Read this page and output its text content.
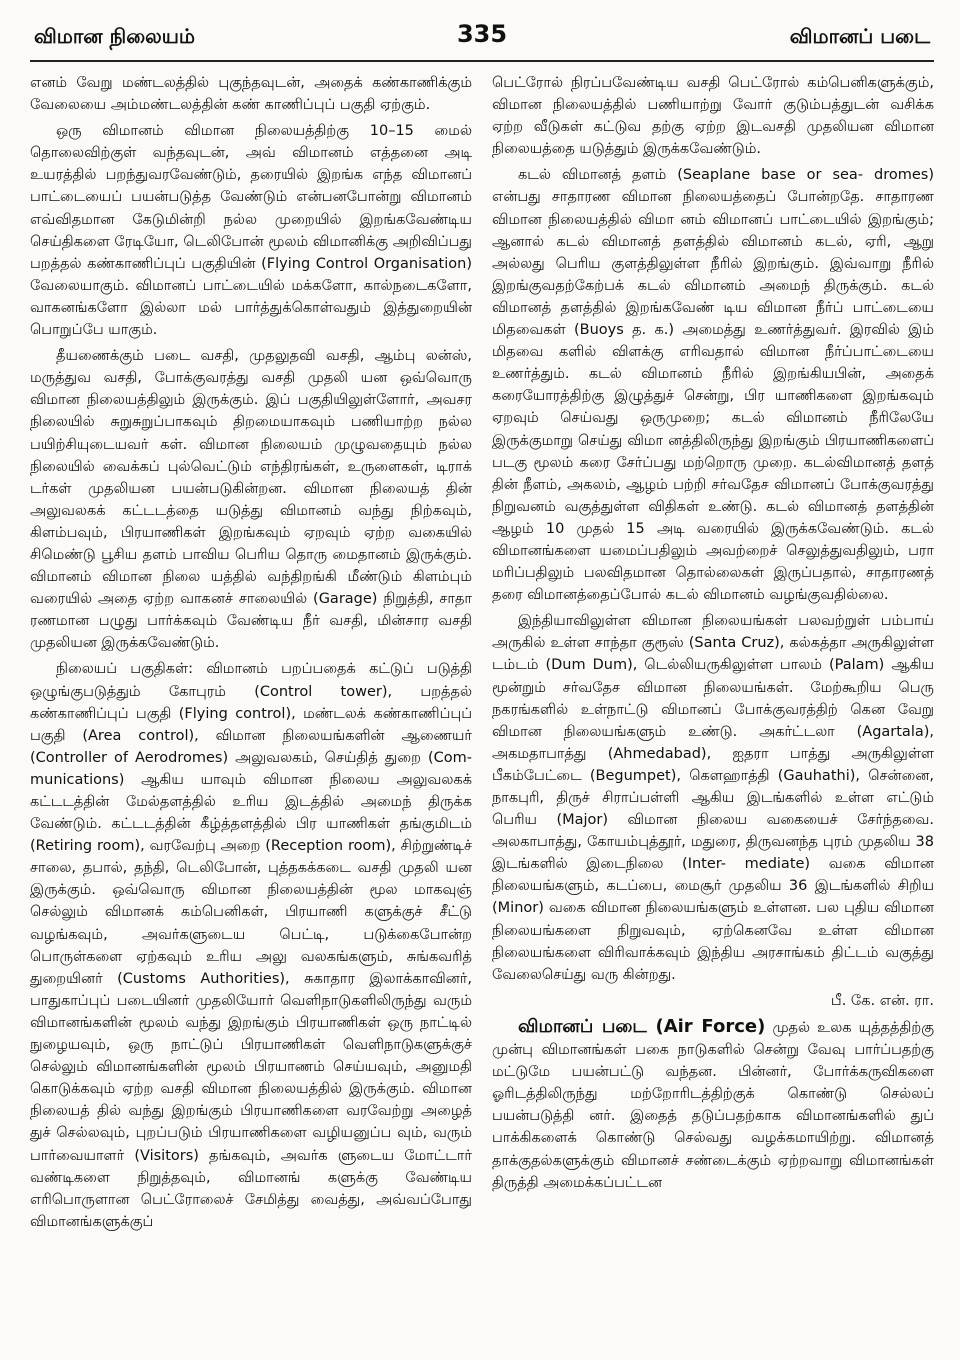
விமான நிலையம்	335	விமானப் படை

எனம் வேறு மண்டலத்தில் புகுந்தவுடன், அதைக் கண்காணிக்கும் வேலையை அம்மண்டலத்தின் கண் காணிப்புப் பகுதி ஏற்கும்.

ஒரு விமானம் விமான நிலையத்திற்கு 10–15 மைல் தொலைவிற்குள் வந்தவுடன், அவ் விமானம் எத்தனை அடி உயரத்தில் பறந்துவரவேண்டும், தரையில் இறங்க எந்த விமானப் பாட்டையைப் பயன்படுத்த வேண்டும் என்பனபோன்று விமானம் எவ்விதமான கேடுமின்றி நல்ல முறையில் இறங்கவேண்டிய செய்திகளை ரேடியோ, டெலிபோன் மூலம் விமானிக்கு அறிவிப்பது பறத்தல் கண்காணிப்புப் பகுதியின் (Flying Control Organisation) வேலையாகும். விமானப் பாட்டையில் மக்களோ, கால்நடைகளோ, வாகனங்களோ இல்லா மல் பார்த்துக்கொள்வதும் இத்துறையின் பொறுப்பே யாகும்.

தீயணைக்கும் படை வசதி, முதலுதவி வசதி, ஆம்பு லன்ஸ், மருத்துவ வசதி, போக்குவரத்து வசதி முதலி யன ஒவ்வொரு விமான நிலையத்திலும் இருக்கும். இப் பகுதியிலுள்ளோர், அவசர நிலையில் சுறுசுறுப்பாகவும் திறமையாகவும் பணியாற்ற நல்ல பயிற்சியுடையவர் கள். விமான நிலையம் முழுவதையும் நல்ல நிலையில் வைக்கப் புல்வெட்டும் எந்திரங்கள், உருளைகள், டிராக் டர்கள் முதலியன பயன்படுகின்றன. விமான நிலையத் தின் அலுவலகக் கட்டடத்தை யடுத்து விமானம் வந்து நிற்கவும், கிளம்பவும், பிரயாணிகள் இறங்கவும் ஏறவும் ஏற்ற வகையில் சிமெண்டு பூசிய தளம் பாவிய பெரிய தொரு மைதானம் இருக்கும். விமானம் விமான நிலை யத்தில் வந்திறங்கி மீண்டும் கிளம்பும் வரையில் அதை ஏற்ற வாகனச் சாலையில் (Garage) நிறுத்தி, சாதா ரணமான பழுது பார்க்கவும் வேண்டிய நீர் வசதி, மின்சார வசதி முதலியன இருக்கவேண்டும்.

நிலையப் பகுதிகள்: விமானம் பறப்பதைக் கட்டுப் படுத்தி ஒழுங்குபடுத்தும் கோபுரம் (Control tower), பறத்தல் கண்காணிப்புப் பகுதி (Flying control), மண்டலக் கண்காணிப்புப் பகுதி (Area control), விமான நிலையங்களின் ஆணையர் (Controller of Aerodromes) அலுவலகம், செய்தித் துறை (Com- munications) ஆகிய யாவும் விமான நிலைய அலுவலகக் கட்டடத்தின் மேல்தளத்தில் உரிய இடத்தில் அமைந் திருக்க வேண்டும். கட்டடத்தின் கீழ்த்தளத்தில் பிர யாணிகள் தங்குமிடம் (Retiring room), வரவேற்பு அறை (Reception room), சிற்றுண்டிச் சாலை, தபால், தந்தி, டெலிபோன், புத்தகக்கடை வசதி முதலி யன இருக்கும். ஒவ்வொரு விமான நிலையத்தின் மூல மாகவுஞ் செல்லும் விமானக் கம்பெனிகள், பிரயாணி களுக்குச் சீட்டு வழங்கவும், அவர்களுடைய பெட்டி, படுக்கைபோன்ற பொருள்களை ஏற்கவும் உரிய அலு வலகங்களும், சுங்கவரித் துறையினர் (Customs Authorities), சுகாதார இலாக்காவினர், பாதுகாப்புப் படையினர் முதலியோர் வெளிநாடுகளிலிருந்து வரும் விமானங்களின் மூலம் வந்து இறங்கும் பிரயாணிகள் ஒரு நாட்டில் நுழையவும், ஒரு நாட்டுப் பிரயாணிகள் வெளிநாடுகளுக்குச் செல்லும் விமானங்களின் மூலம் பிரயாணம் செய்யவும், அனுமதி கொடுக்கவும் ஏற்ற வசதி விமான நிலையத்தில் இருக்கும். விமான நிலையத் தில் வந்து இறங்கும் பிரயாணிகளை வரவேற்று அழைத் துச் செல்லவும், புறப்படும் பிரயாணிகளை வழியனுப்ப வும், வரும் பார்வையாளர் (Visitors) தங்கவும், அவர்க ளுடைய மோட்டார் வண்டிகளை நிறுத்தவும், விமானங் களுக்கு வேண்டிய எரிபொருளான பெட்ரோலைச் சேமித்து வைத்து, அவ்வப்போது விமானங்களுக்குப்

பெட்ரோல் நிரப்பவேண்டிய வசதி பெட்ரோல் கம்பெனிகளுக்கும், விமான நிலையத்தில் பணியாற்று வோர் குடும்பத்துடன் வசிக்க ஏற்ற வீடுகள் கட்டுவ தற்கு ஏற்ற இடவசதி முதலியன விமான நிலையத்தை யடுத்தும் இருக்கவேண்டும்.

கடல் விமானத் தளம் (Seaplane base or sea- dromes) என்பது சாதாரண விமான நிலையத்தைப் போன்றதே. சாதாரண விமான நிலையத்தில் விமா னம் விமானப் பாட்டையில் இறங்கும்; ஆனால் கடல் விமானத் தளத்தில் விமானம் கடல், ஏரி, ஆறு அல்லது பெரிய குளத்திலுள்ள நீரில் இறங்கும். இவ்வாறு நீரில் இறங்குவதற்கேற்பக் கடல் விமானம் அமைந் திருக்கும். கடல் விமானத் தளத்தில் இறங்கவேண் டிய விமான நீர்ப் பாட்டையை மிதவைகள் (Buoys த. க.) அமைத்து உணர்த்துவர். இரவில் இம் மிதவை களில் விளக்கு எரிவதால் விமான நீர்ப்பாட்டையை உணர்த்தும். கடல் விமானம் நீரில் இறங்கியபின், அதைக் கரையோரத்திற்கு இழுத்துச் சென்று, பிர யாணிகளை இறங்கவும் ஏறவும் செய்வது ஒருமுறை; கடல் விமானம் நீரிலேயே இருக்குமாறு செய்து விமா னத்திலிருந்து இறங்கும் பிரயாணிகளைப் படகு மூலம் கரை சேர்ப்பது மற்றொரு முறை. கடல்விமானத் தளத் தின் நீளம், அகலம், ஆழம் பற்றி சர்வதேச விமானப் போக்குவரத்து நிறுவனம் வகுத்துள்ள விதிகள் உண்டு. கடல் விமானத் தளத்தின் ஆழம் 10 முதல் 15 அடி வரையில் இருக்கவேண்டும். கடல் விமானங்களை யமைப்பதிலும் அவற்றைச் செலுத்துவதிலும், பரா மரிப்பதிலும் பலவிதமான தொல்லைகள் இருப்பதால், சாதாரணத் தரை விமானத்தைப்போல் கடல் விமானம் வழங்குவதில்லை.

இந்தியாவிலுள்ள விமான நிலையங்கள் பலவற்றுள் பம்பாய் அருகில் உள்ள சாந்தா குரூஸ் (Santa Cruz), கல்கத்தா அருகிலுள்ள டம்டம் (Dum Dum), டெல்லியருகிலுள்ள பாலம் (Palam) ஆகிய மூன்றும் சர்வதேச விமான நிலையங்கள். மேற்கூறிய பெரு நகரங்களில் உள்நாட்டு விமானப் போக்குவரத்திற் கென வேறு விமான நிலையங்களும் உண்டு. அகர்ட்டலா (Agartala), அகமதாபாத்து (Ahmedabad), ஐதரா பாத்து அருகிலுள்ள பீகம்பேட்டை (Begumpet), கௌஹாத்தி (Gauhathi), சென்னை, நாகபுரி, திருச் சிராப்பள்ளி ஆகிய இடங்களில் உள்ள எட்டும் பெரிய (Major) விமான நிலைய வகையைச் சேர்ந்தவை. அலகாபாத்து, கோயம்புத்தூர், மதுரை, திருவனந்த புரம் முதலிய 38 இடங்களில் இடைநிலை (Inter- mediate) வகை விமான நிலையங்களும், கடப்பை, மைசூர் முதலிய 36 இடங்களில் சிறிய (Minor) வகை விமான நிலையங்களும் உள்ளன. பல புதிய விமான நிலையங்களை நிறுவவும், ஏற்கெனவே உள்ள விமான நிலையங்களை விரிவாக்கவும் இந்திய அரசாங்கம் திட்டம் வகுத்து வேலைசெய்து வரு கின்றது.

பீ. கே. என். ரா.

விமானப் படை (Air Force) முதல் உலக யுத்தத்திற்கு முன்பு விமானங்கள் பகை நாடுகளில் சென்று வேவு பார்ப்பதற்கு மட்டுமே பயன்பட்டு வந்தன. பின்னர், போர்க்கருவிகளை ஓரிடத்திலிருந்து மற்றோரிடத்திற்குக் கொண்டு செல்லப் பயன்படுத்தி னர். இதைத் தடுப்பதற்காக விமானங்களில் துப் பாக்கிகளைக் கொண்டு செல்வது வழக்கமாயிற்று. விமானத் தாக்குதல்களுக்கும் விமானச் சண்டைக்கும் ஏற்றவாறு விமானங்கள் திருத்தி அமைக்கப்பட்டன
